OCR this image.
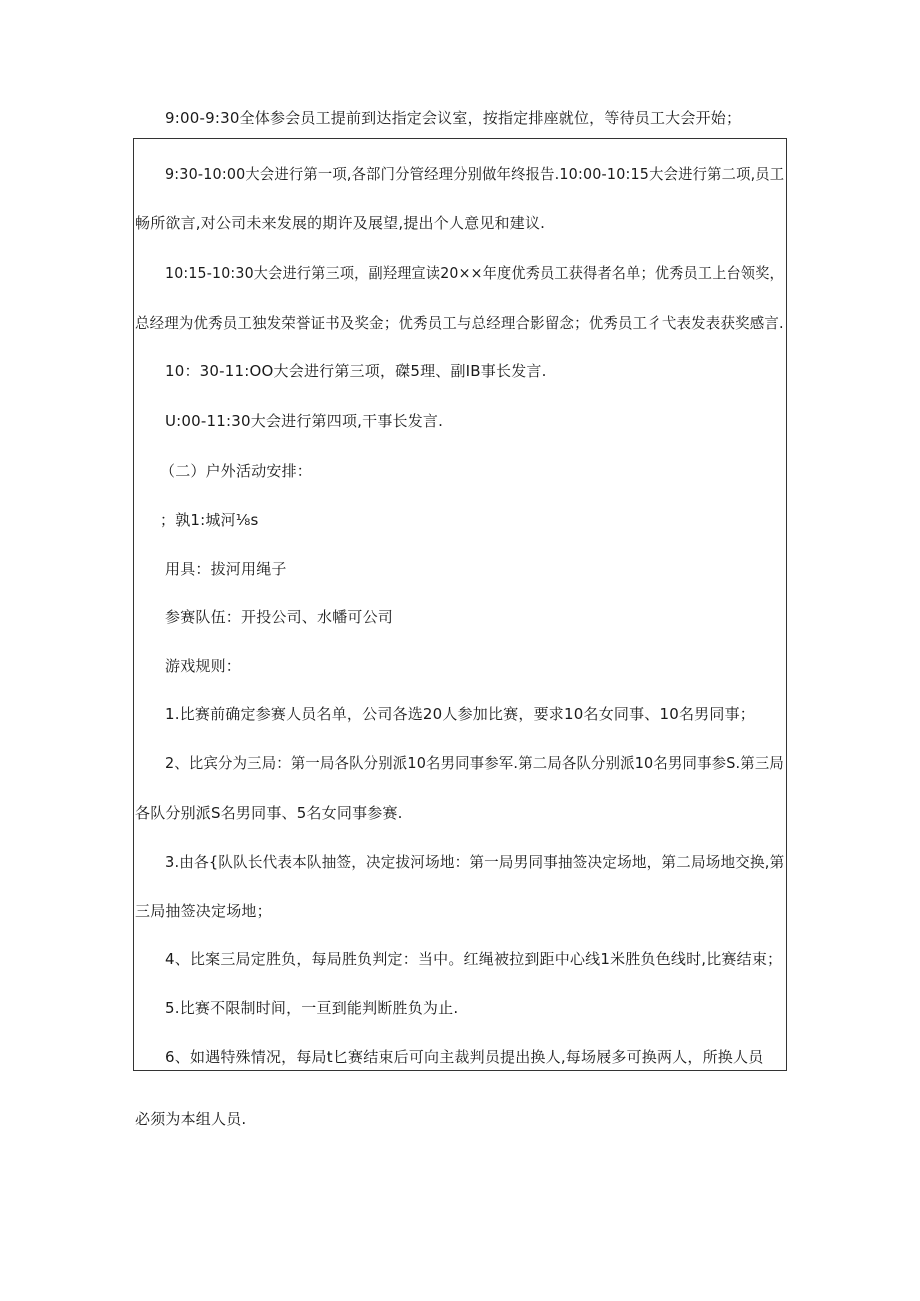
9:00-9:30全体参会员工提前到达指定会议室，按指定排座就位，等待员工大会开始；
9:30-10:00大会进行第一项,各部门分管经理分别做年终报告.10:00-10:15大会进行第二项,员工
畅所欲言,对公司未来发展的期许及展望,提出个人意见和建议.
10:15-10:30大会进行第三项，副羟理宣读20××年度优秀员工获得者名单；优秀员工上台领奖，
总经理为优秀员工独发荣誉证书及奖金；优秀员工与总经理合影留念；优秀员工彳弋表发表获奖感言.
10：30-11:OO大会进行第三项，磔5理、副IB事长发言.
U:00-11:30大会进行第四项,干事长发言.
（二）户外活动安排：
；孰1:城河⅛s
用具：拔河用绳子
参赛队伍：开投公司、水幡可公司
游戏规则：
1.比赛前确定参赛人员名单，公司各选20人参加比赛，要求10名女同事、10名男同事；
2、比宾分为三局：第一局各队分别派10名男同事参军.第二局各队分别派10名男同事参S.第三局
各队分别派S名男同事、5名女同事参赛.
3.由各{队队长代表本队抽签，决定拔河场地：第一局男同事抽签决定场地，第二局场地交换,第
三局抽签决定场地；
4、比案三局定胜负，每局胜负判定：当中。红绳被拉到距中心线1米胜负色线时,比赛结束；
5.比赛不限制时间，一亘到能判断胜负为止.
6、如遇特殊情况，每局t匕赛结束后可向主裁判员提出换人,每场屐多可换两人，所换人员
必须为本组人员.
